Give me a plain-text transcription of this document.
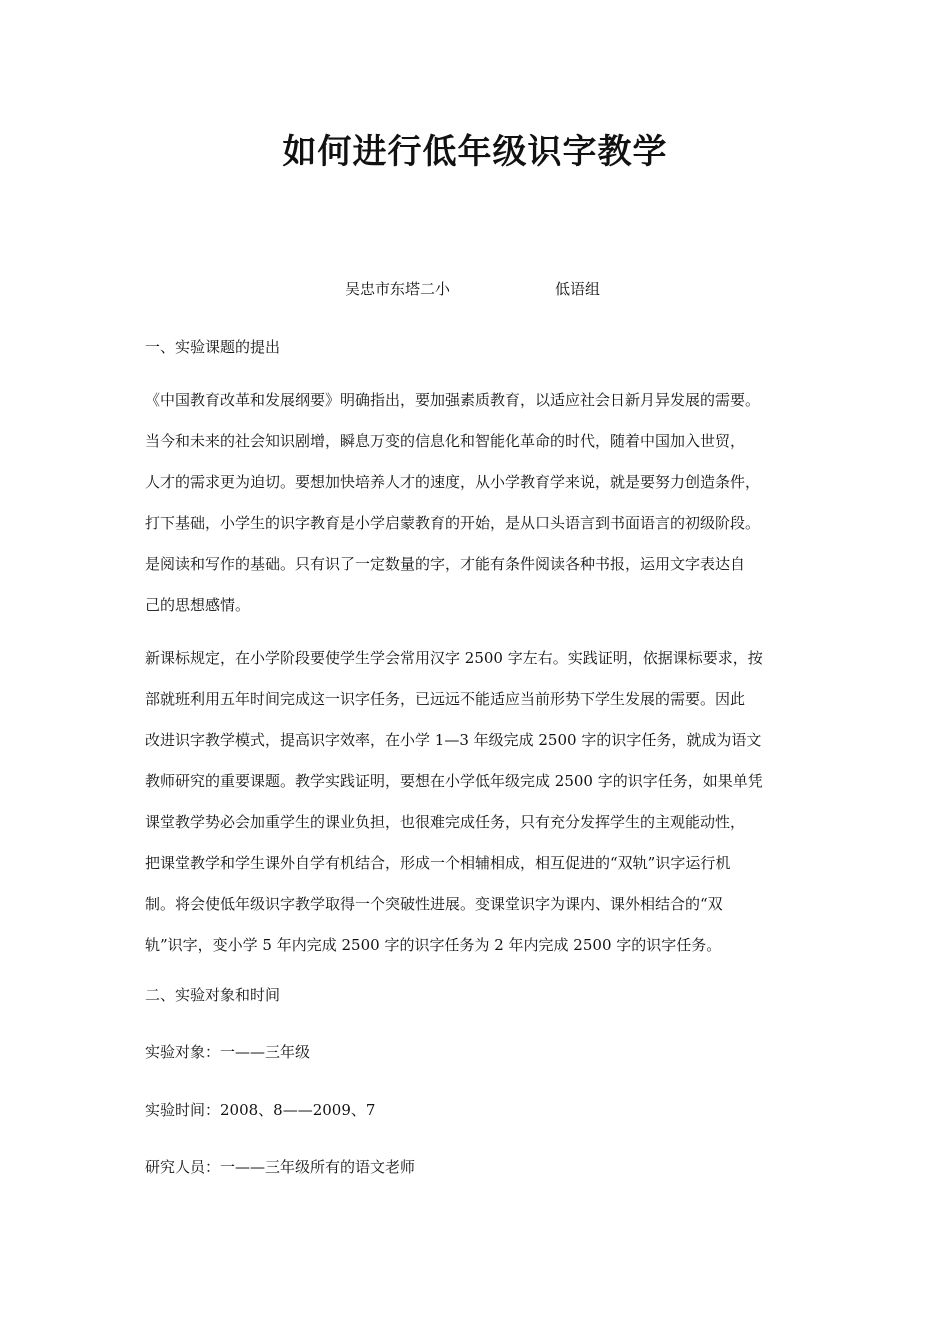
如何进行低年级识字教学
吴忠市东塔二小	低语组

一、实验课题的提出

《中国教育改革和发展纲要》明确指出，要加强素质教育，以适应社会日新月异发展的需要。
当今和未来的社会知识剧增，瞬息万变的信息化和智能化革命的时代，随着中国加入世贸，
人才的需求更为迫切。要想加快培养人才的速度，从小学教育学来说，就是要努力创造条件，
打下基础，小学生的识字教育是小学启蒙教育的开始，是从口头语言到书面语言的初级阶段。
是阅读和写作的基础。只有识了一定数量的字，才能有条件阅读各种书报，运用文字表达自
己的思想感情。
新课标规定，在小学阶段要使学生学会常用汉字 2500 字左右。实践证明，依据课标要求，按
部就班利用五年时间完成这一识字任务，已远远不能适应当前形势下学生发展的需要。因此
改进识字教学模式，提高识字效率，在小学 1—3 年级完成 2500 字的识字任务，就成为语文
教师研究的重要课题。教学实践证明，要想在小学低年级完成 2500 字的识字任务，如果单凭
课堂教学势必会加重学生的课业负担，也很难完成任务，只有充分发挥学生的主观能动性，
把课堂教学和学生课外自学有机结合，形成一个相辅相成，相互促进的“双轨”识字运行机
制。将会使低年级识字教学取得一个突破性进展。变课堂识字为课内、课外相结合的“双
轨”识字，变小学 5 年内完成 2500 字的识字任务为 2 年内完成 2500 字的识字任务。

二、实验对象和时间

实验对象：一——三年级

实验时间：2008、8——2009、7

研究人员：一——三年级所有的语文老师
